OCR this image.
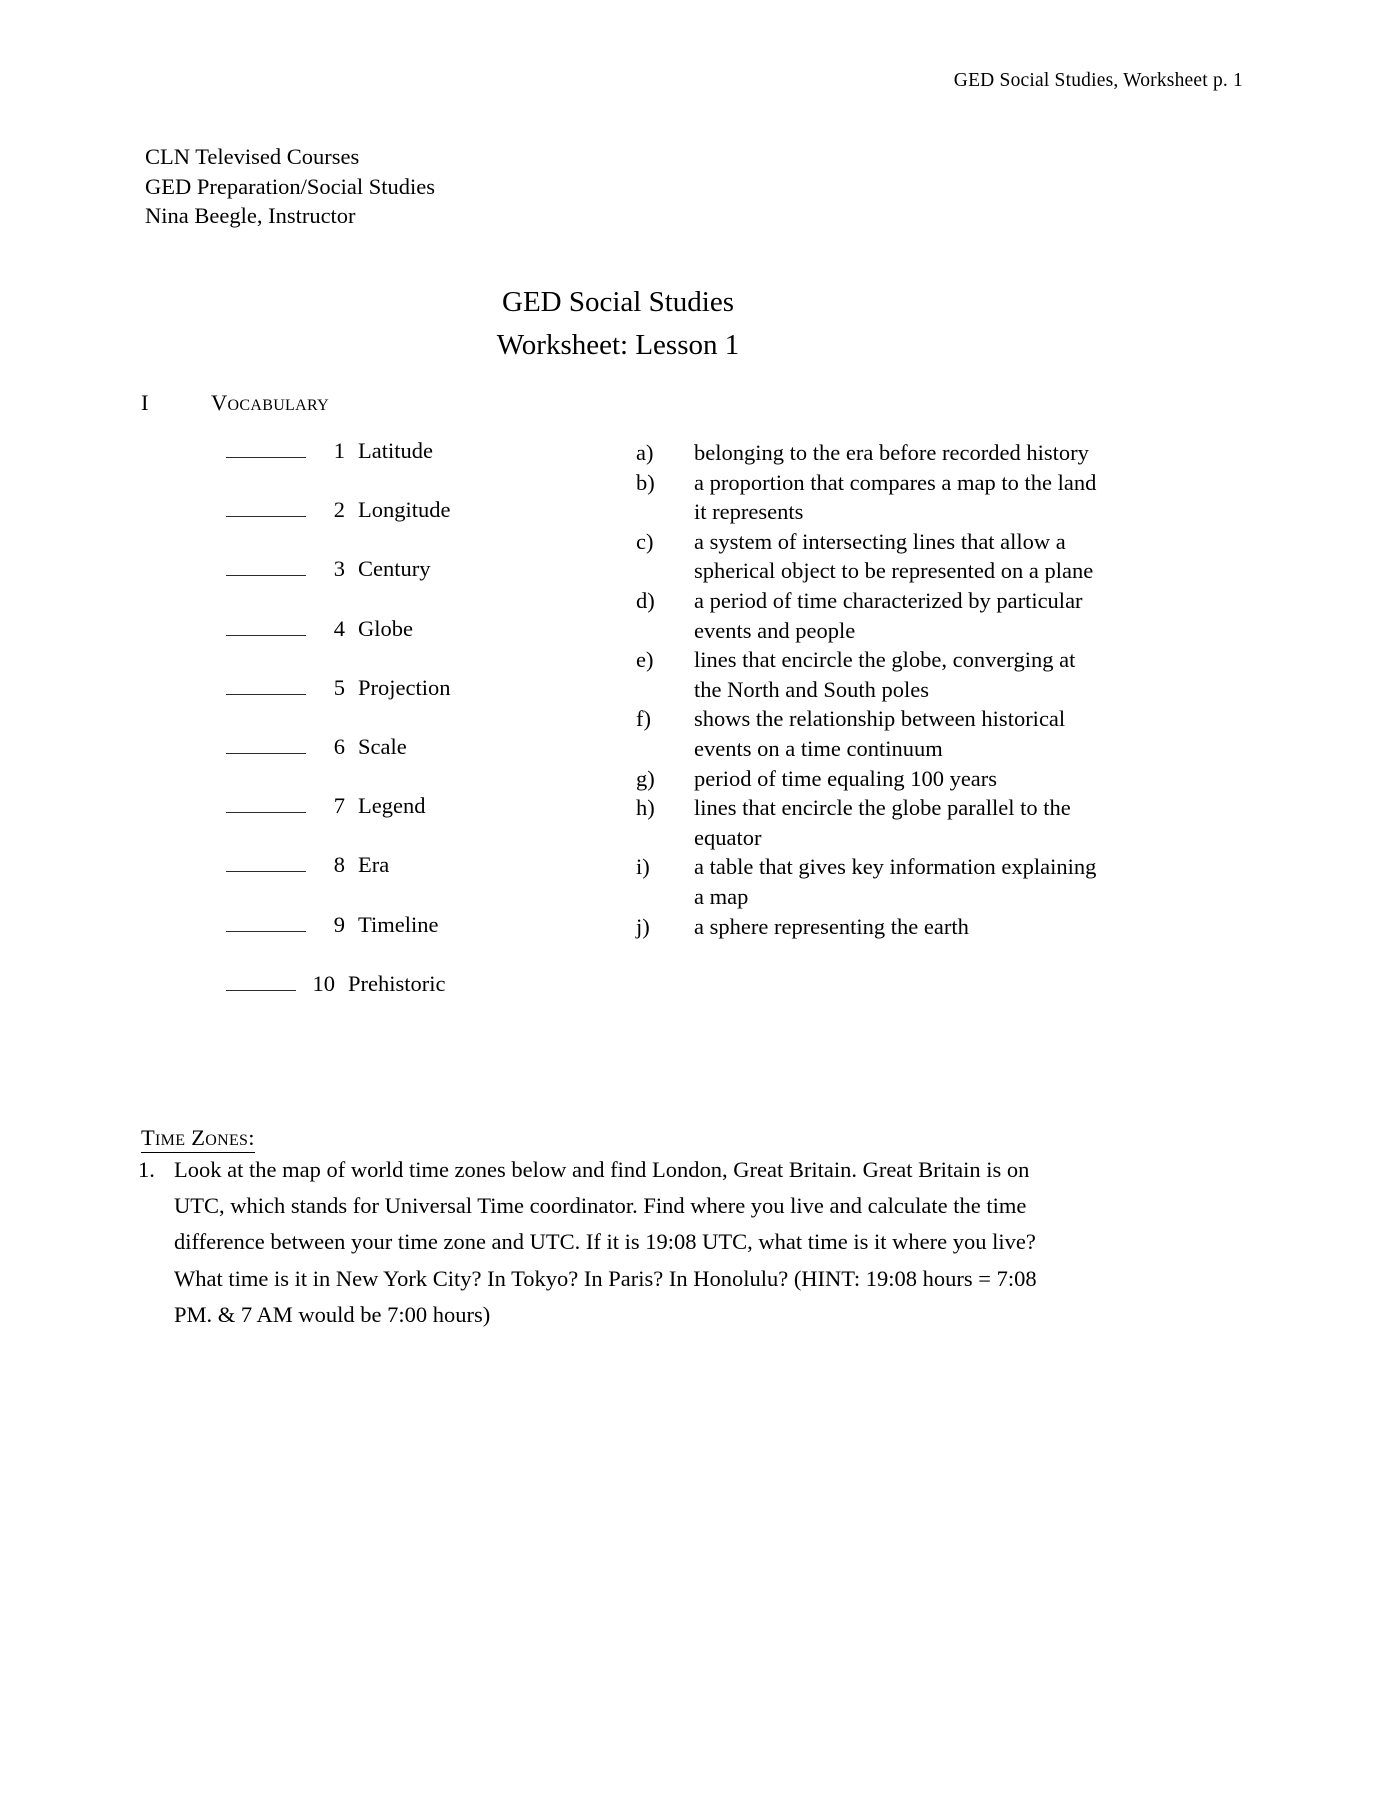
GED Social Studies, Worksheet p. 1
CLN Televised Courses
GED Preparation/Social Studies
Nina Beegle, Instructor
GED Social Studies
Worksheet: Lesson 1
I	Vocabulary
1 Latitude
2 Longitude
3 Century
4 Globe
5 Projection
6 Scale
7 Legend
8 Era
9 Timeline
10 Prehistoric
a)	belonging to the era before recorded history
b)	a proportion that compares a map to the land it represents
c)	a system of intersecting lines that allow a spherical object to be represented on a plane
d)	a period of time characterized by particular events and people
e)	lines that encircle the globe, converging at the North and South poles
f)	shows the relationship between historical events on a time continuum
g)	period of time equaling 100 years
h)	lines that encircle the globe parallel to the equator
i)	a table that gives key information explaining a map
j)	a sphere representing the earth
Time Zones:
1. Look at the map of world time zones below and find London, Great Britain. Great Britain is on UTC, which stands for Universal Time coordinator. Find where you live and calculate the time difference between your time zone and UTC. If it is 19:08 UTC, what time is it where you live? What time is it in New York City? In Tokyo? In Paris? In Honolulu? (HINT: 19:08 hours = 7:08 PM. & 7 AM would be 7:00 hours)
